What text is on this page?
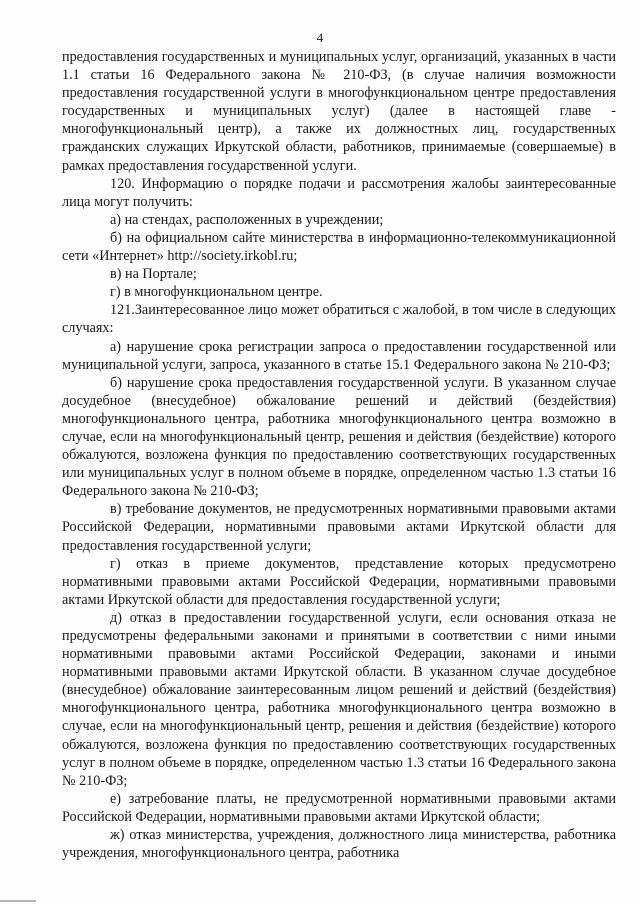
4

предоставления государственных и муниципальных услуг, организаций, указанных в части 1.1 статьи 16 Федерального закона № 210-ФЗ, (в случае наличия возможности предоставления государственной услуги в многофункциональном центре предоставления государственных и муниципальных услуг) (далее в настоящей главе - многофункциональный центр), а также их должностных лиц, государственных гражданских служащих Иркутской области, работников, принимаемые (совершаемые) в рамках предоставления государственной услуги.

120. Информацию о порядке подачи и рассмотрения жалобы заинтересованные лица могут получить:

а) на стендах, расположенных в учреждении;

б) на официальном сайте министерства в информационно-телекоммуникационной сети «Интернет» http://society.irkobl.ru;

в) на Портале;

г) в многофункциональном центре.

121.Заинтересованное лицо может обратиться с жалобой, в том числе в следующих случаях:

а) нарушение срока регистрации запроса о предоставлении государственной или муниципальной услуги, запроса, указанного в статье 15.1 Федерального закона № 210-ФЗ;

б) нарушение срока предоставления государственной услуги. В указанном случае досудебное (внесудебное) обжалование решений и действий (бездействия) многофункционального центра, работника многофункционального центра возможно в случае, если на многофункциональный центр, решения и действия (бездействие) которого обжалуются, возложена функция по предоставлению соответствующих государственных или муниципальных услуг в полном объеме в порядке, определенном частью 1.3 статьи 16 Федерального закона № 210-ФЗ;

в) требование документов, не предусмотренных нормативными правовыми актами Российской Федерации, нормативными правовыми актами Иркутской области для предоставления государственной услуги;

г) отказ в приеме документов, представление которых предусмотрено нормативными правовыми актами Российской Федерации, нормативными правовыми актами Иркутской области для предоставления государственной услуги;

д) отказ в предоставлении государственной услуги, если основания отказа не предусмотрены федеральными законами и принятыми в соответствии с ними иными нормативными правовыми актами Российской Федерации, законами и иными нормативными правовыми актами Иркутской области. В указанном случае досудебное (внесудебное) обжалование заинтересованным лицом решений и действий (бездействия) многофункционального центра, работника многофункционального центра возможно в случае, если на многофункциональный центр, решения и действия (бездействие) которого обжалуются, возложена функция по предоставлению соответствующих государственных услуг в полном объеме в порядке, определенном частью 1.3 статьи 16 Федерального закона № 210-ФЗ;

е) затребование платы, не предусмотренной нормативными правовыми актами Российской Федерации, нормативными правовыми актами Иркутской области;

ж) отказ министерства, учреждения, должностного лица министерства, работника учреждения, многофункционального центра, работника
